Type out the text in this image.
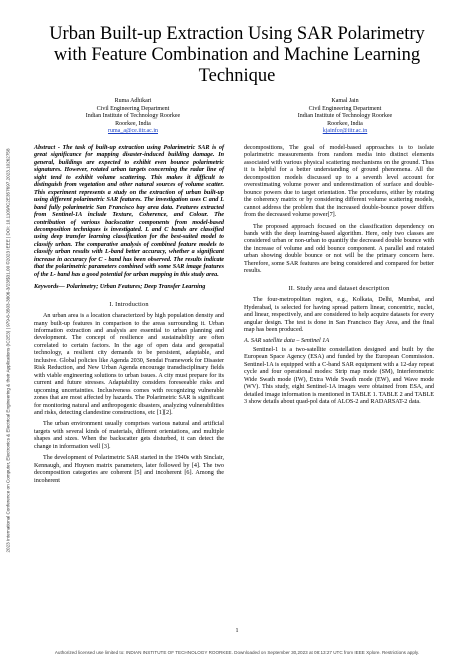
2023 International Conference on Computer, Electronics & Electrical Engineering & their Applications (IC2E3) | 979-8-3503-3806-3/23/$31.00 ©2023 IEEE | DOI: 10.1109/IC2E357697.2023.10262758
Urban Built-up Extraction Using SAR Polarimetry
with Feature Combination and Machine Learning
Technique
Ruma Adhikari
Civil Engineering Department
Indian Institute of Technology Roorkee
Roorkee, India
ruma_a@ce.iitr.ac.in
Kamal Jain
Civil Engineering Department
Indian Institute of Technology Roorkee
Roorkee, India
kjainfce@iitr.ac.in

Abstract - The task of built-up extraction using Polarimetric SAR is of great significance for mapping disaster-induced building damage. In general, buildings are expected to exhibit even bounce polarimetric signatures. However, rotated urban targets concerning the radar line of sight tend to exhibit volume scattering. This makes it difficult to distinguish from vegetation and other natural sources of volume scatter. This experiment represents a study on the extraction of urban built-up using different polarimetric SAR features. The investigation uses C and L band fully polarimetric San Francisco bay area data. Features extracted from Sentinel-1A include Texture, Coherence, and Colour. The contribution of various backscatter components from model-based decomposition techniques is investigated. L and C bands are classified using deep transfer learning classification for the best-suited model to classify urban. The comparative analysis of combined feature models to classify urban results with L-band better accuracy, whether a significant increase in accuracy for C - band has been observed. The results indicate that the polarimetric parameters combined with some SAR image features of the L- band has a good potential for urban mapping in this study area.

Keywords— Polarimetry; Urban Features; Deep Transfer Learning

I. Introduction

An urban area is a location characterized by high population density and many built-up features in comparison to the areas surrounding it. Urban information extraction and analysis are essential to urban planning and development. The concept of resilience and sustainability are often correlated to certain factors. In the age of open data and geospatial technology, a resilient city demands to be persistent, adaptable, and inclusive. Global policies like Agenda 2030, Sendai Framework for Disaster Risk Reduction, and New Urban Agenda encourage transdisciplinary fields with viable engineering solutions to urban issues. A city must prepare for its current and future stresses. Adaptability considers foreseeable risks and upcoming uncertainties. Inclusiveness comes with recognizing vulnerable zones that are most affected by hazards. The Polarimetric SAR is significant for monitoring natural and anthropogenic disasters, analyzing vulnerabilities and risks, detecting clandestine constructions, etc [1][2].

The urban environment usually comprises various natural and artificial targets with several kinds of materials, different orientations, and multiple shapes and sizes. When the backscatter gets disturbed, it can detect the change in information well [3].

The development of Polarimetric SAR started in the 1940s with Sinclair, Kennaugh, and Huynen matrix parameters, later followed by [4]. The two decomposition categories are coherent [5] and incoherent [6]. Among the incoherent

decompositions, The goal of model-based approaches is to isolate polarimetric measurements from random media into distinct elements associated with various physical scattering mechanisms on the ground. Thus it is helpful for a better understanding of ground phenomena. All the decomposition models discussed up to a seventh level account for overestimating volume power and underestimation of surface and double-bounce powers due to target orientation. The procedures, either by rotating the coherency matrix or by considering different volume scattering models, cannot address the problem that the increased double-bounce power differs from the decreased volume power[7].

The proposed approach focused on the classification dependency on bands with the deep learning-based algorithm. Here, only two classes are considered urban or non-urban to quantify the decreased double bounce with the increase of volume and odd bounce component. A parallel and rotated urban showing double bounce or not will be the primary concern here. Therefore, some SAR features are being considered and compared for better results.

II. Study area and dataset description

The four-metropolitan region, e.g., Kolkata, Delhi, Mumbai, and Hyderabad, is selected for having spread pattern linear, concentric, nuclei, and linear, respectively, and are considered to help acquire datasets for every angular design. The test is done in San Francisco Bay Area, and the final map has been produced.

A. SAR satellite data – Sentinel 1A

Sentinel-1 is a two-satellite constellation designed and built by the European Space Agency (ESA) and funded by the European Commission. Sentinel-1A is equipped with a C-band SAR equipment with a 12-day repeat cycle and four operational modes: Strip map mode (SM), Interferometric Wide Swath mode (IW), Extra Wide Swath mode (EW), and Wave mode (WV). This study, eight Sentinel-1A images were obtained from ESA, and detailed image information is mentioned in TABLE 1. TABLE 2 and TABLE 3 show details about quad-pol data of ALOS-2 and RADARSAT-2 data.

1
Authorized licensed use limited to: INDIAN INSTITUTE OF TECHNOLOGY ROORKEE. Downloaded on September 30,2023 at 08:13:27 UTC from IEEE Xplore. Restrictions apply.
